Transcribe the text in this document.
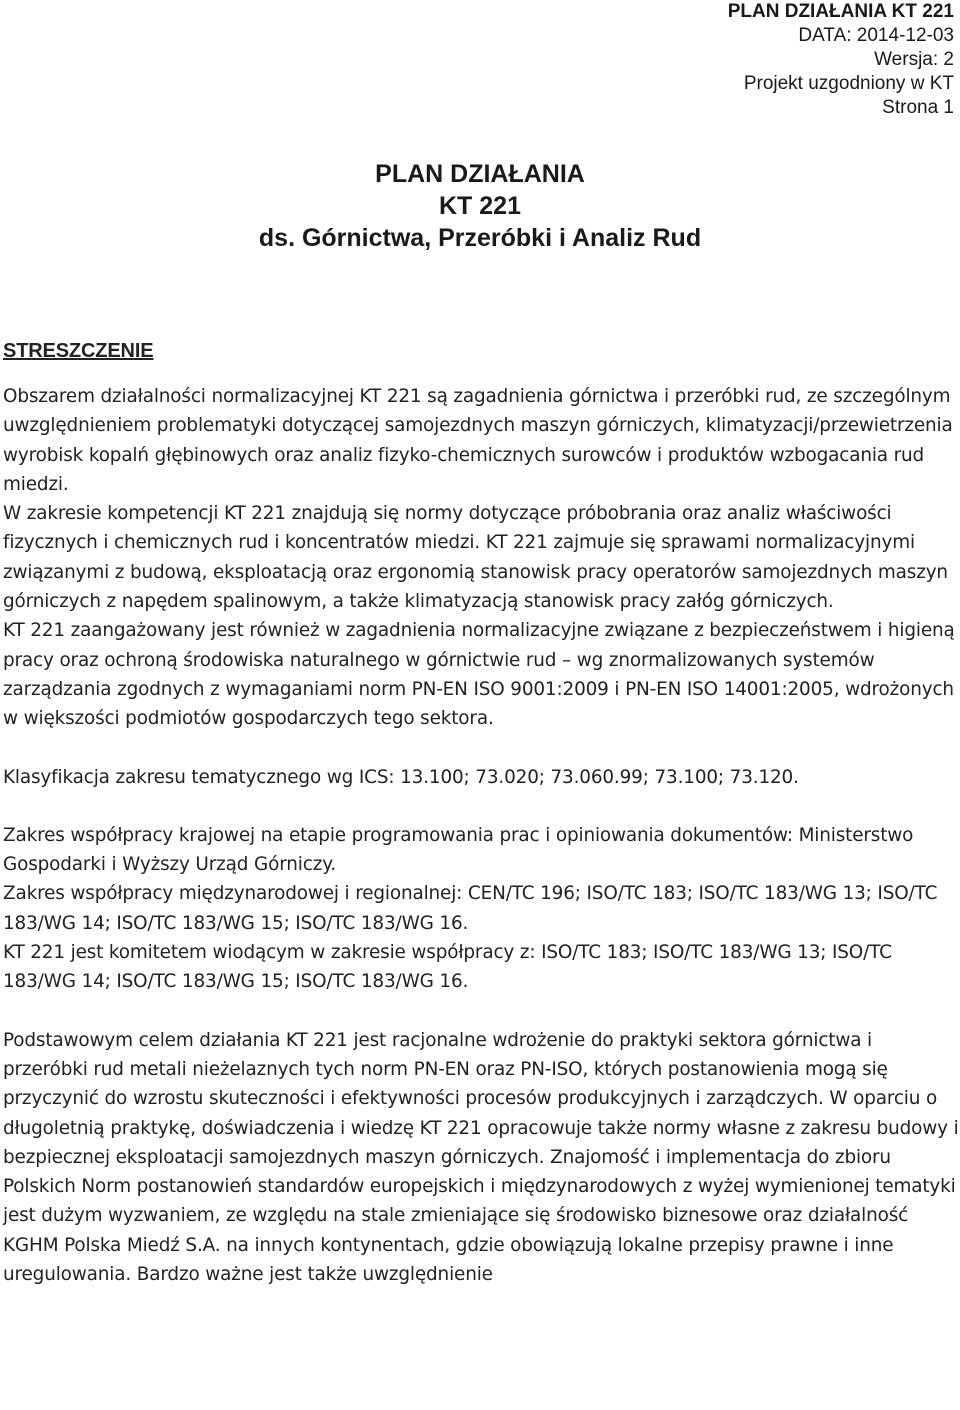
PLAN DZIAŁANIA KT 221
DATA: 2014-12-03
Wersja: 2
Projekt uzgodniony w KT
Strona 1
PLAN DZIAŁANIA
KT 221
ds. Górnictwa, Przeróbki i Analiz Rud
STRESZCZENIE

Obszarem działalności normalizacyjnej KT 221 są zagadnienia górnictwa i przeróbki rud, ze szczególnym uwzględnieniem problematyki dotyczącej samojezdnych maszyn górniczych, klimatyzacji/przewietrzenia wyrobisk kopalń głębinowych oraz analiz fizyko-chemicznych surowców i produktów wzbogacania rud miedzi.

W zakresie kompetencji KT 221 znajdują się normy dotyczące próbobrania oraz analiz właściwości fizycznych i chemicznych rud i koncentratów miedzi. KT 221 zajmuje się sprawami normalizacyjnymi związanymi z budową, eksploatacją oraz ergonomią stanowisk pracy operatorów samojezdnych maszyn górniczych z napędem spalinowym, a także klimatyzacją stanowisk pracy załóg górniczych.

KT 221 zaangażowany jest również w zagadnienia normalizacyjne związane z bezpieczeństwem i higieną pracy oraz ochroną środowiska naturalnego w górnictwie rud – wg znormalizowanych systemów zarządzania zgodnych z wymaganiami norm PN-EN ISO 9001:2009 i PN-EN ISO 14001:2005, wdrożonych w większości podmiotów gospodarczych tego sektora.

Klasyfikacja zakresu tematycznego wg ICS: 13.100; 73.020; 73.060.99; 73.100; 73.120.

Zakres współpracy krajowej na etapie programowania prac i opiniowania dokumentów: Ministerstwo Gospodarki i Wyższy Urząd Górniczy.

Zakres współpracy międzynarodowej i regionalnej: CEN/TC 196; ISO/TC 183; ISO/TC 183/WG 13; ISO/TC 183/WG 14; ISO/TC 183/WG 15; ISO/TC 183/WG 16.

KT 221 jest komitetem wiodącym w zakresie współpracy z: ISO/TC 183; ISO/TC 183/WG 13; ISO/TC 183/WG 14; ISO/TC 183/WG 15; ISO/TC 183/WG 16.

Podstawowym celem działania KT 221 jest racjonalne wdrożenie do praktyki sektora górnictwa i przeróbki rud metali nieżelaznych tych norm PN-EN oraz PN-ISO, których postanowienia mogą się przyczynić do wzrostu skuteczności i efektywności procesów produkcyjnych i zarządczych. W oparciu o długoletnią praktykę, doświadczenia i wiedzę KT 221 opracowuje także normy własne z zakresu budowy i bezpiecznej eksploatacji samojezdnych maszyn górniczych. Znajomość i implementacja do zbioru Polskich Norm postanowień standardów europejskich i międzynarodowych z wyżej wymienionej tematyki jest dużym wyzwaniem, ze względu na stale zmieniające się środowisko biznesowe oraz działalność KGHM Polska Miedź S.A. na innych kontynentach, gdzie obowiązują lokalne przepisy prawne i inne uregulowania. Bardzo ważne jest także uwzględnienie
